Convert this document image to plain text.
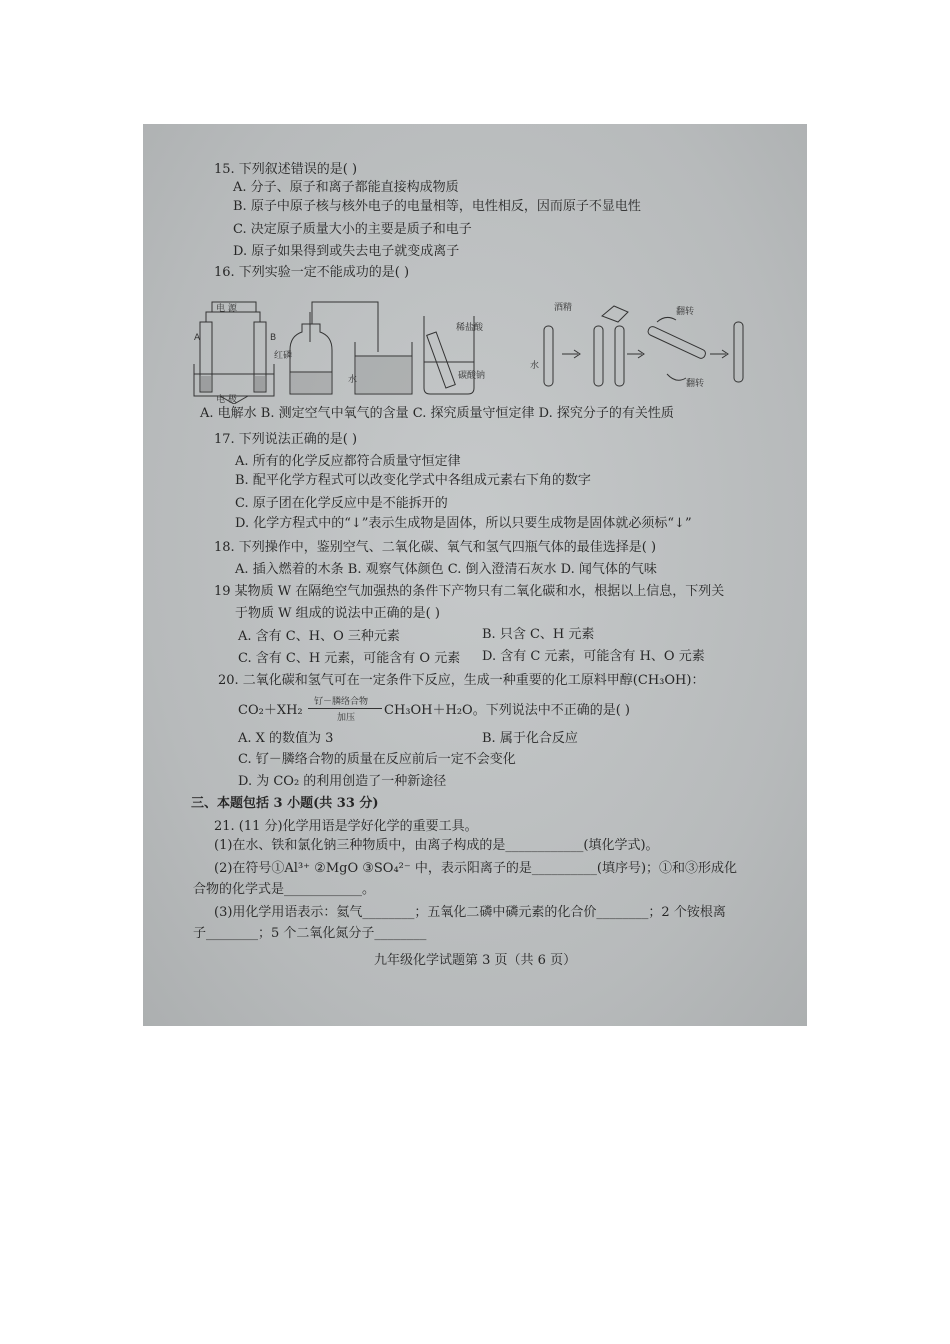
15. 下列叙述错误的是( )
A. 分子、原子和离子都能直接构成物质
B. 原子中原子核与核外电子的电量相等，电性相反，因而原子不显电性
C. 决定原子质量大小的主要是质子和电子
D. 原子如果得到或失去电子就变成离子
16. 下列实验一定不能成功的是( )
电 源
A	B
电 极
红磷
水
稀盐酸
碳酸钠
酒精
水
翻转
翻转
A. 电解水 B. 测定空气中氧气的含量 C. 探究质量守恒定律 D. 探究分子的有关性质
17. 下列说法正确的是( )
A. 所有的化学反应都符合质量守恒定律
B. 配平化学方程式可以改变化学式中各组成元素右下角的数字
C. 原子团在化学反应中是不能拆开的
D. 化学方程式中的“↓”表示生成物是固体，所以只要生成物是固体就必须标“↓”
18. 下列操作中，鉴别空气、二氧化碳、氧气和氢气四瓶气体的最佳选择是( )
A. 插入燃着的木条 B. 观察气体颜色 C. 倒入澄清石灰水 D. 闻气体的气味
19 某物质 W 在隔绝空气加强热的条件下产物只有二氧化碳和水，根据以上信息，下列关
于物质 W 组成的说法中正确的是( )
A. 含有 C、H、O 三种元素	B. 只含 C、H 元素
C. 含有 C、H 元素，可能含有 O 元素 D. 含有 C 元素，可能含有 H、O 元素
20. 二氧化碳和氢气可在一定条件下反应，生成一种重要的化工原料甲醇(CH₃OH)：
CO₂＋XH₂
钌－膦络合物
加压 CH₃OH＋H₂O。下列说法中不正确的是( )
A. X 的数值为 3	B. 属于化合反应
C. 钌－膦络合物的质量在反应前后一定不会变化
D. 为 CO₂ 的利用创造了一种新途径
三、本题包括 3 小题(共 33 分)
21. (11 分)化学用语是学好化学的重要工具。
(1)在水、铁和氯化钠三种物质中，由离子构成的是____________(填化学式)。
(2)在符号①Al³⁺ ②MgO ③SO₄²⁻ 中，表示阳离子的是__________(填序号)；①和③形成化
合物的化学式是____________。
(3)用化学用语表示：氦气________；五氧化二磷中磷元素的化合价________；2 个铵根离
子________；5 个二氧化氮分子________
九年级化学试题第 3 页（共 6 页）
